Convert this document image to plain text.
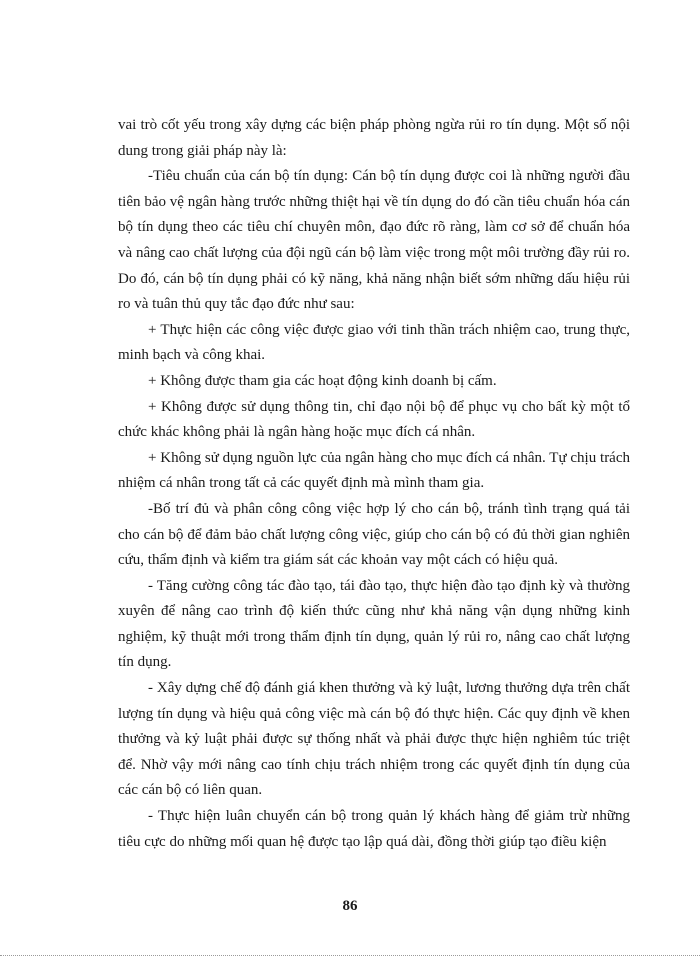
vai trò cốt yếu trong xây dựng các biện pháp phòng ngừa rủi ro tín dụng. Một số nội dung trong giải pháp này là:

-Tiêu chuẩn của cán bộ tín dụng: Cán bộ tín dụng được coi là những người đầu tiên bảo vệ ngân hàng trước những thiệt hại về tín dụng do đó cần tiêu chuẩn hóa cán bộ tín dụng theo các tiêu chí chuyên môn, đạo đức rõ ràng, làm cơ sở để chuẩn hóa và nâng cao chất lượng của đội ngũ cán bộ làm việc trong một môi trường đầy rủi ro. Do đó, cán bộ tín dụng phải có kỹ năng, khả năng nhận biết sớm những dấu hiệu rủi ro và tuân thủ quy tắc đạo đức như sau:

+ Thực hiện các công việc được giao với tinh thần trách nhiệm cao, trung thực, minh bạch và công khai.

+ Không được tham gia các hoạt động kinh doanh bị cấm.

+ Không được sử dụng thông tin, chỉ đạo nội bộ để phục vụ cho bất kỳ một tổ chức khác không phải là ngân hàng hoặc mục đích cá nhân.

+ Không sử dụng nguồn lực của ngân hàng cho mục đích cá nhân. Tự chịu trách nhiệm cá nhân trong tất cả các quyết định mà mình tham gia.

-Bố trí đủ và phân công công việc hợp lý cho cán bộ, tránh tình trạng quá tải cho cán bộ để đảm bảo chất lượng công việc, giúp cho cán bộ có đủ thời gian nghiên cứu, thẩm định và kiểm tra giám sát các khoản vay một cách có hiệu quả.

- Tăng cường công tác đào tạo, tái đào tạo, thực hiện đào tạo định kỳ và thường xuyên để nâng cao trình độ kiến thức cũng như khả năng vận dụng những kinh nghiệm, kỹ thuật mới trong thẩm định tín dụng, quản lý rủi ro, nâng cao chất lượng tín dụng.

- Xây dựng chế độ đánh giá khen thưởng và kỷ luật, lương thưởng dựa trên chất lượng tín dụng và hiệu quả công việc mà cán bộ đó thực hiện. Các quy định về khen thưởng và kỷ luật phải được sự thống nhất và phải được thực hiện nghiêm túc triệt để. Nhờ vậy mới nâng cao tính chịu trách nhiệm trong các quyết định tín dụng của các cán bộ có liên quan.

- Thực hiện luân chuyển cán bộ trong quản lý khách hàng để giảm trừ những tiêu cực do những mối quan hệ được tạo lập quá dài, đồng thời giúp tạo điều kiện

86
